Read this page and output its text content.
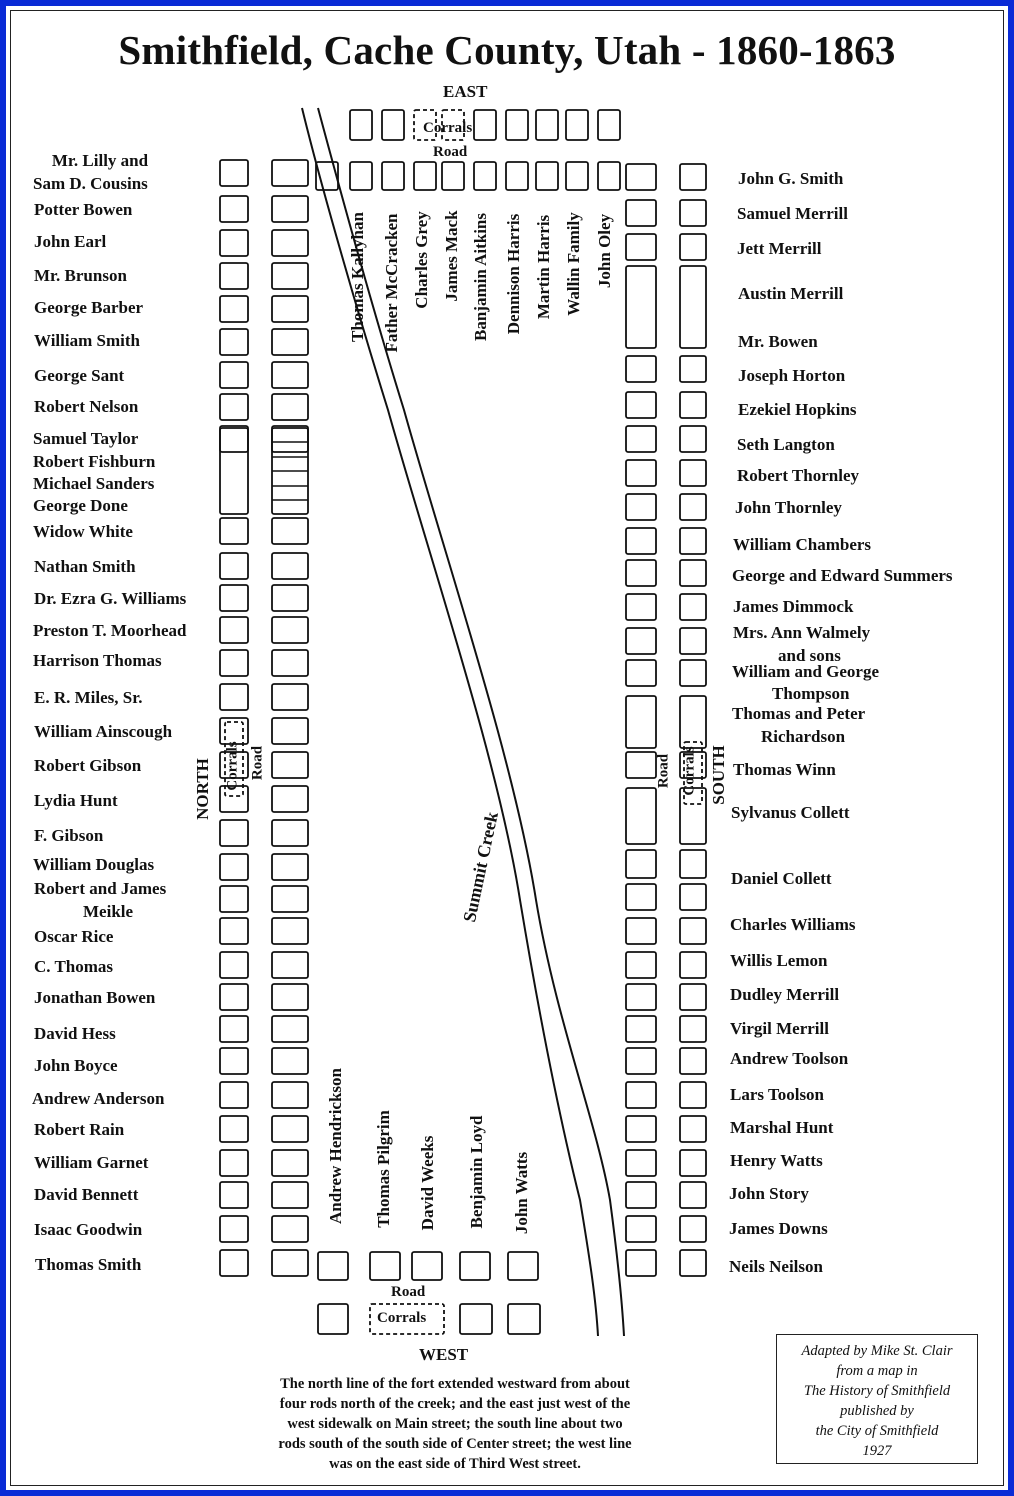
Smithfield, Cache County, Utah - 1860-1863
EAST
WEST
NORTH	SOUTH
Corrals
Road
Road
Corrals
Corrals Road	Road Corrals
Summit Creek
Mr. Lilly and
Sam D. Cousins
Potter Bowen
John Earl
Mr. Brunson
George Barber
William Smith
George Sant
Robert Nelson
Samuel Taylor
Robert Fishburn
Michael Sanders
George Done
Widow White
Nathan Smith
Dr. Ezra G. Williams
Preston T. Moorhead
Harrison Thomas
E. R. Miles, Sr.
William Ainscough
Robert Gibson
Lydia Hunt
F. Gibson
William Douglas
Robert and James
Meikle
Oscar Rice
C. Thomas
Jonathan Bowen
David Hess
John Boyce
Andrew Anderson
Robert Rain
William Garnet
David Bennett
Isaac Goodwin
Thomas Smith
John G. Smith
Samuel Merrill
Jett Merrill
Austin Merrill
Mr. Bowen
Joseph Horton
Ezekiel Hopkins
Seth Langton
Robert Thornley
John Thornley
William Chambers
George and Edward Summers
James Dimmock
Mrs. Ann Walmely
and sons
William and George
Thompson
Thomas and Peter
Richardson
Thomas Winn
Sylvanus Collett
Daniel Collett
Charles Williams
Willis Lemon
Dudley Merrill
Virgil Merrill
Andrew Toolson
Lars Toolson
Marshal Hunt
Henry Watts
John Story
James Downs
Neils Neilson
Thomas Kallyhan Father McCracken Charles Grey James Mack Banjamin Aitkins Dennison Harris Martin Harris Wallin Family John Oley
Andrew Hendrickson Thomas Pilgrim David Weeks Benjamin Loyd John Watts
The north line of the fort extended westward from about
four rods north of the creek; and the east just west of the
west sidewalk on Main street; the south line about two
rods south of the south side of Center street; the west line
was on the east side of Third West street.
Adapted by Mike St. Clair
from a map in
The History of Smithfield
published by
the City of Smithfield
1927
